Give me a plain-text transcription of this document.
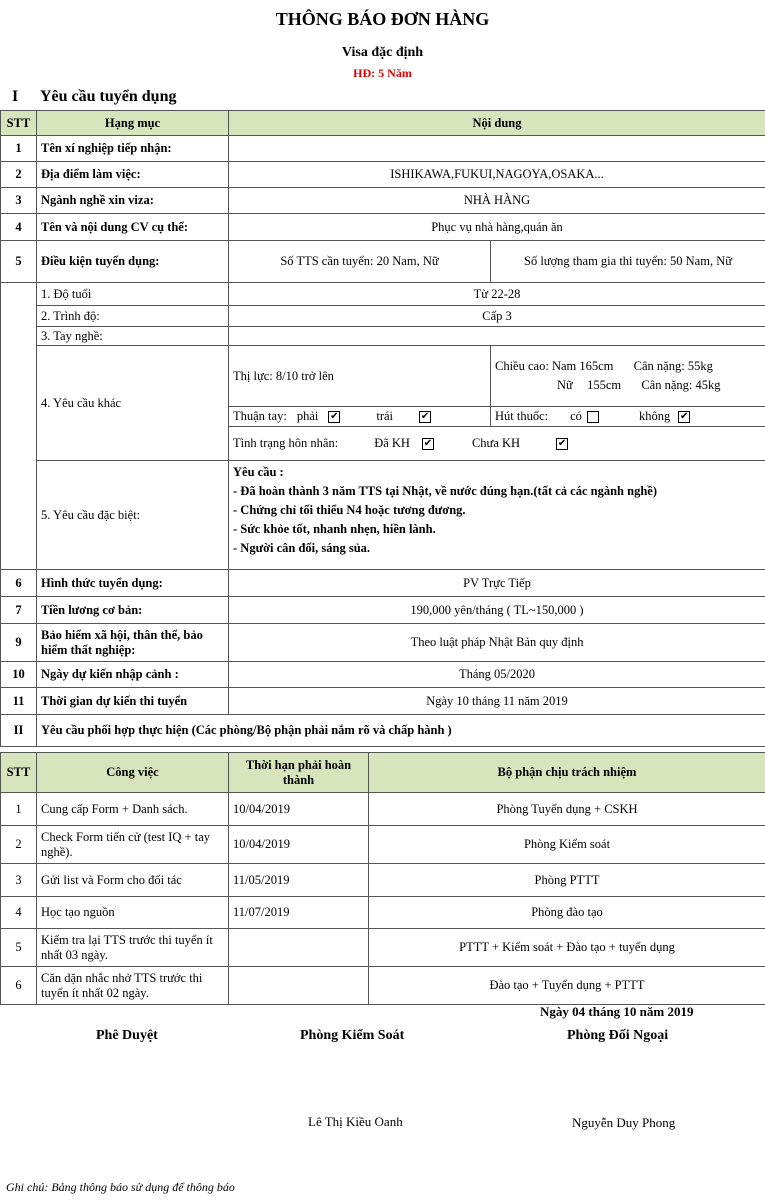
THÔNG BÁO ĐƠN HÀNG
Visa đặc định
HĐ: 5 Năm
I Yêu cầu tuyển dụng
STT	Hạng mục	Nội dung	
1	Tên xí nghiệp tiếp nhận:		
2	Địa điểm làm việc:	ISHIKAWA,FUKUI,NAGOYA,OSAKA...	
3	Ngành nghề xin viza:	NHÀ HÀNG	
4	Tên và nội dung CV cụ thể:	Phục vụ nhà hàng,quán ăn	
5	Điều kiện tuyển dụng:	Số TTS cần tuyển: 20 Nam, Nữ	Số lượng tham gia thi tuyển: 50 Nam, Nữ
	1. Độ tuổi	Từ 22-28	
	2. Trình độ:	Cấp 3	
	3. Tay nghề:		
	4. Yêu cầu khác	Thị lực: 8/10 trở lên	Chiều cao: Nam 165cm Cân nặng: 55kg
Nữ 155cm Cân nặng: 45kg

		Thuận tay: phải ✔ trái ✔	Hút thuốc: có không ✔

		Tình trạng hôn nhân: Đã KH ✔ Chưa KH ✔	

	5. Yêu cầu đặc biệt:	Yêu cầu :
- Đã hoàn thành 3 năm TTS tại Nhật, về nước đúng hạn.(tất cả các ngành nghề)
- Chứng chỉ tối thiểu N4 hoặc tương đương.
- Sức khỏe tốt, nhanh nhẹn, hiền lành.
- Người cân đối, sáng sủa.	

6	Hình thức tuyển dụng:	PV Trực Tiếp	
7	Tiền lương cơ bản:	190,000 yên/tháng ( TL~150,000 )	
9	Bảo hiểm xã hội, thân thể, bảo hiểm thất nghiệp:	Theo luật pháp Nhật Bản quy định	
10	Ngày dự kiến nhập cảnh :	Tháng 05/2020	
11	Thời gian dự kiến thi tuyển	Ngày 10 tháng 11 năm 2019	
II	Yêu cầu phối hợp thực hiện (Các phòng/Bộ phận phải nắm rõ và chấp hành )		
STT	Công việc	Thời hạn phải hoàn thành	Bộ phận chịu trách nhiệm
1	Cung cấp Form + Danh sách.	10/04/2019	Phòng Tuyển dụng + CSKH
2	Check Form tiến cử (test IQ + tay nghề).	10/04/2019	Phòng Kiểm soát
3	Gửi list và Form cho đối tác	11/05/2019	Phòng PTTT
4	Học tạo nguồn	11/07/2019	Phòng đào tạo
5	Kiểm tra lại TTS trước thi tuyển ít nhất 03 ngày.		PTTT + Kiểm soát + Đào tạo + tuyển dụng
6	Căn dặn nhắc nhở TTS trước thi tuyển ít nhất 02 ngày.		Đào tạo + Tuyển dụng + PTTT
Ngày 04 tháng 10 năm 2019
Phê Duyệt	Phòng Kiểm Soát	Phòng Đối Ngoại
Lê Thị Kiều Oanh	Nguyễn Duy Phong
Ghi chú: Bảng thông báo sử dụng để thông báo
